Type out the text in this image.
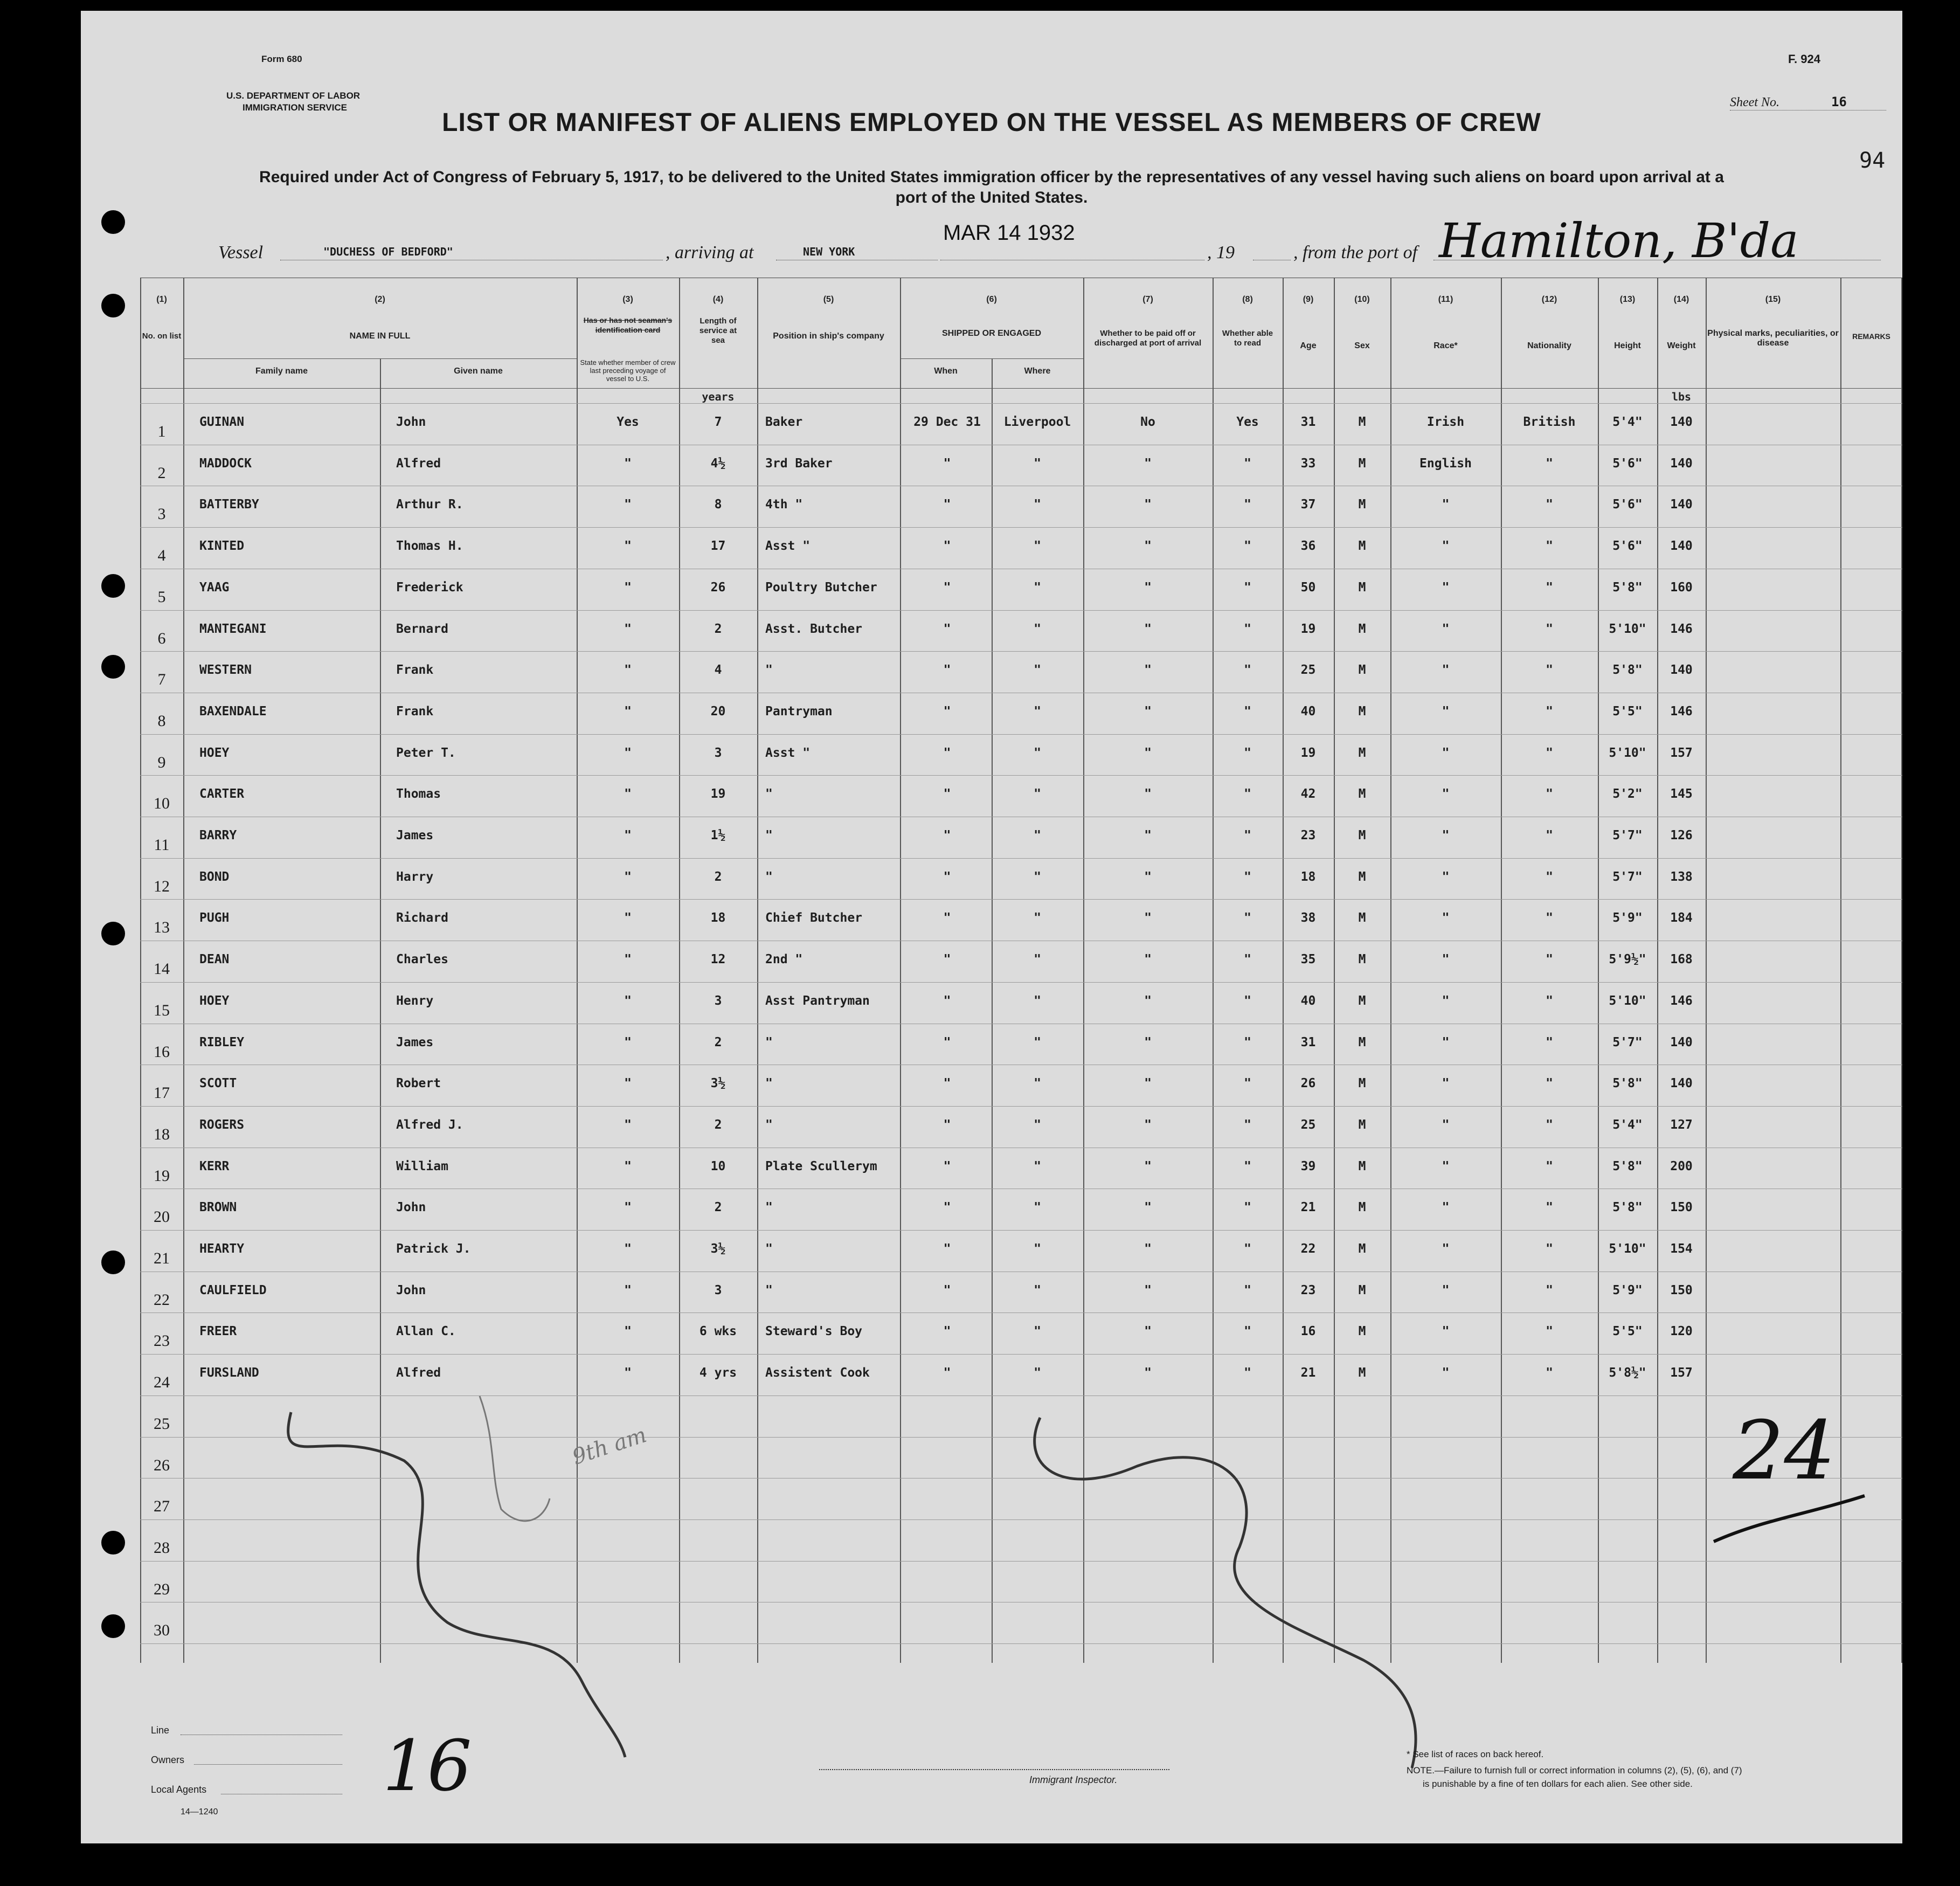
Form 680
U.S. DEPARTMENT OF LABOR
IMMIGRATION SERVICE
F. 924
Sheet No.	16
94
LIST OR MANIFEST OF ALIENS EMPLOYED ON THE VESSEL AS MEMBERS OF CREW
Required under Act of Congress of February 5, 1917, to be delivered to the United States immigration officer by the representatives of any vessel having such aliens on board upon arrival at a port of the United States.
Vessel	"DUCHESS OF BEDFORD"	, arriving at	NEW YORK
MAR 14 1932
, 19	, from the port of Hamilton, B'da
(1)	(2)	(3)	(4)	(5)	(6)	(7)	(8)	(9)	(10)	(11)	(12)	(13)	(14)	(15)
No. on list	NAME IN FULL
Family name	Given name
Has or has not seaman's identification card
State whether member of crew last preceding voyage of vessel to U.S.
Length of service at sea
years
Position in ship's company	SHIPPED OR ENGAGED
When	Where
Whether to be paid off or discharged at port of arrival
Whether able to read	Age	Sex	Race*	Nationality	Height	Weight
lbs
Physical marks, peculiarities, or disease
REMARKS
1
GUINAN	John	Yes	7	Baker	29 Dec 31	Liverpool	No	Yes	31	M	Irish	British	5'4"	140
2
MADDOCK	Alfred	"	4½	3rd Baker	"	"	"	"	33	M	English	"	5'6"	140
3
BATTERBY	Arthur R.	"	8	4th "	"	"	"	"	37	M	"	"	5'6"	140
4
KINTED	Thomas H.	"	17	Asst "	"	"	"	"	36	M	"	"	5'6"	140
5
YAAG	Frederick	"	26	Poultry Butcher	"	"	"	"	50	M	"	"	5'8"	160
6
MANTEGANI	Bernard	"	2	Asst. Butcher	"	"	"	"	19	M	"	"	5'10"	146
7
WESTERN	Frank	"	4	"	"	"	"	"	25	M	"	"	5'8"	140
8
BAXENDALE	Frank	"	20	Pantryman	"	"	"	"	40	M	"	"	5'5"	146
9
HOEY	Peter T.	"	3	Asst "	"	"	"	"	19	M	"	"	5'10"	157
10
CARTER	Thomas	"	19	"	"	"	"	"	42	M	"	"	5'2"	145
11
BARRY	James	"	1½	"	"	"	"	"	23	M	"	"	5'7"	126
12
BOND	Harry	"	2	"	"	"	"	"	18	M	"	"	5'7"	138
13
PUGH	Richard	"	18	Chief Butcher	"	"	"	"	38	M	"	"	5'9"	184
14
DEAN	Charles	"	12	2nd "	"	"	"	"	35	M	"	"	5'9½"	168
15
HOEY	Henry	"	3	Asst Pantryman	"	"	"	"	40	M	"	"	5'10"	146
16
RIBLEY	James	"	2	"	"	"	"	"	31	M	"	"	5'7"	140
17
SCOTT	Robert	"	3½	"	"	"	"	"	26	M	"	"	5'8"	140
18
ROGERS	Alfred J.	"	2	"	"	"	"	"	25	M	"	"	5'4"	127
19
KERR	William	"	10	Plate Scullerym	"	"	"	"	39	M	"	"	5'8"	200
20
BROWN	John	"	2	"	"	"	"	"	21	M	"	"	5'8"	150
21
HEARTY	Patrick J.	"	3½	"	"	"	"	"	22	M	"	"	5'10"	154
22
CAULFIELD	John	"	3	"	"	"	"	"	23	M	"	"	5'9"	150
23
FREER	Allan C.	"	6 wks	Steward's Boy	"	"	"	"	16	M	"	"	5'5"	120
24
FURSLAND	Alfred	"	4 yrs	Assistent Cook	"	"	"	"	21	M	"	"	5'8½"	157
25
26
27
28
29
30
24
16
9th am
Line
Owners
Local Agents
14—1240
Immigrant Inspector.
* See list of races on back hereof.
NOTE.—Failure to furnish full or correct information in columns (2), (5), (6), and (7)
is punishable by a fine of ten dollars for each alien. See other side.
